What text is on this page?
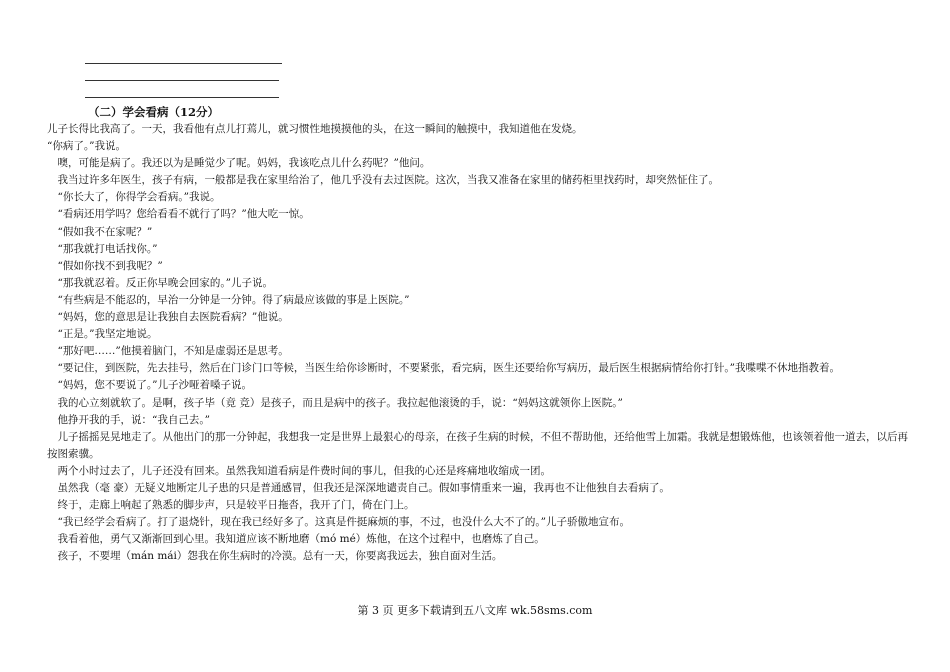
（二）学会看病（12分）

儿子长得比我高了。一天，我看他有点儿打蔫儿，就习惯性地摸摸他的头，在这一瞬间的触摸中，我知道他在发烧。

“你病了。”我说。

　噢，可能是病了。我还以为是睡觉少了呢。妈妈，我该吃点儿什么药呢？”他问。

　我当过许多年医生，孩子有病，一般都是我在家里给治了，他几乎没有去过医院。这次，当我又准备在家里的储药柜里找药时，却突然怔住了。

　“你长大了，你得学会看病。”我说。

　“看病还用学吗？您给看看不就行了吗？”他大吃一惊。

　“假如我不在家呢？”

　“那我就打电话找你。”

　“假如你找不到我呢？”

　“那我就忍着。反正你早晚会回家的。”儿子说。

　“有些病是不能忍的，早治一分钟是一分钟。得了病最应该做的事是上医院。”

　“妈妈，您的意思是让我独自去医院看病？”他说。

　“正是。”我坚定地说。

　“那好吧……”他摸着脑门，不知是虚弱还是思考。

　“要记住，到医院，先去挂号，然后在门诊门口等候，当医生给你诊断时，不要紧张，看完病，医生还要给你写病历，最后医生根据病情给你打针。”我喋喋不休地指教着。

　“妈妈，您不要说了。”儿子沙哑着嗓子说。

　我的心立刻就软了。是啊，孩子毕（竟 竞）是孩子，而且是病中的孩子。我拉起他滚烫的手，说：“妈妈这就领你上医院。”

　他挣开我的手，说：“我自己去。”

　儿子摇摇晃晃地走了。从他出门的那一分钟起，我想我一定是世界上最狠心的母亲，在孩子生病的时候，不但不帮助他，还给他雪上加霜。我就是想锻炼他，也该领着他一道去，以后再按图索骥。

　两个小时过去了，儿子还没有回来。虽然我知道看病是件费时间的事儿，但我的心还是疼痛地收缩成一团。

　虽然我（毫 豪）无疑义地断定儿子患的只是普通感冒，但我还是深深地谴责自己。假如事情重来一遍，我再也不让他独自去看病了。

　终于，走廊上响起了熟悉的脚步声，只是较平日拖沓，我开了门，倚在门上。

　“我已经学会看病了。打了退烧针，现在我已经好多了。这真是件挺麻烦的事，不过，也没什么大不了的。”儿子骄傲地宣布。

　我看着他，勇气又渐渐回到心里。我知道应该不断地磨（mó mé）炼他，在这个过程中，也磨炼了自己。

　孩子，不要埋（mán mái）怨我在你生病时的冷漠。总有一天，你要离我远去，独自面对生活。

第 3 页 更多下载请到五八文库 wk.58sms.com
